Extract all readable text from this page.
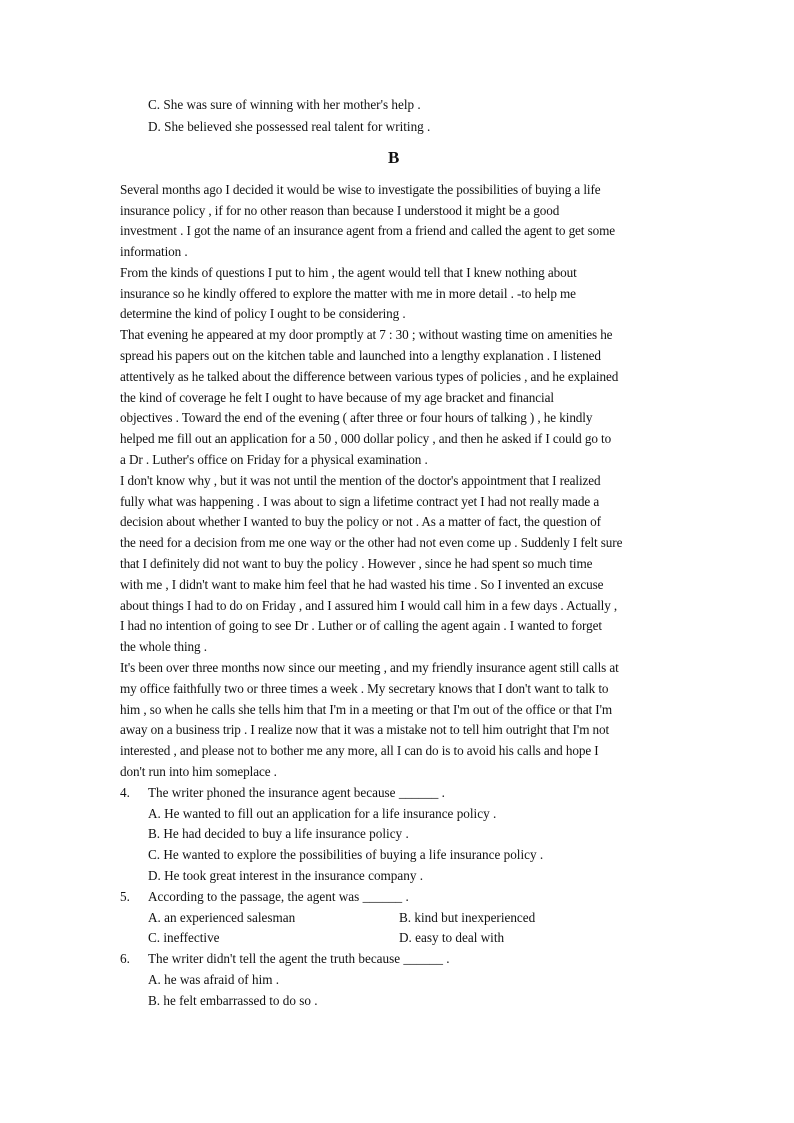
C. She was sure of winning with her mother's help .
D. She believed she possessed real talent for writing .
B
Several months ago I decided it would be wise to investigate the possibilities of buying a life
insurance policy , if for no other reason than because I understood it might be a good
investment . I got the name of an insurance agent from a friend and called the agent to get some
information .
From the kinds of questions I put to him , the agent would tell that I knew nothing about
insurance so he kindly offered to explore the matter with me in more detail . -to help me
determine the kind of policy I ought to be considering .
That evening he appeared at my door promptly at 7 : 30 ; without wasting time on amenities he
spread his papers out on the kitchen table and launched into a lengthy explanation . I listened
attentively as he talked about the difference between various types of policies , and he explained
the kind of coverage he felt I ought to have because of my age bracket and financial
objectives . Toward the end of the evening ( after three or four hours of talking ) , he kindly
helped me fill out an application for a 50 , 000 dollar policy , and then he asked if I could go to
a Dr . Luther's office on Friday for a physical examination .
I don't know why , but it was not until the mention of the doctor's appointment that I realized
fully what was happening . I was about to sign a lifetime contract yet I had not really made a
decision about whether I wanted to buy the policy or not . As a matter of fact, the question of
the need for a decision from me one way or the other had not even come up . Suddenly I felt sure
that I definitely did not want to buy the policy . However , since he had spent so much time
with me , I didn't want to make him feel that he had wasted his time . So I invented an excuse
about things I had to do on Friday , and I assured him I would call him in a few days . Actually ,
I had no intention of going to see Dr . Luther or of calling the agent again . I wanted to forget
the whole thing .
It's been over three months now since our meeting , and my friendly insurance agent still calls at
my office faithfully two or three times a week . My secretary knows that I don't want to talk to
him , so when he calls she tells him that I'm in a meeting or that I'm out of the office or that I'm
away on a business trip . I realize now that it was a mistake not to tell him outright that I'm not
interested , and please not to bother me any more, all I can do is to avoid his calls and hope I
don't run into him someplace .
4. The writer phoned the insurance agent because ______ .
A. He wanted to fill out an application for a life insurance policy .
B. He had decided to buy a life insurance policy .
C. He wanted to explore the possibilities of buying a life insurance policy .
D. He took great interest in the insurance company .
5. According to the passage, the agent was ______ .
A. an experienced salesman	B. kind but inexperienced
C. ineffective	D. easy to deal with
6. The writer didn't tell the agent the truth because ______ .
A. he was afraid of him .
B. he felt embarrassed to do so .
